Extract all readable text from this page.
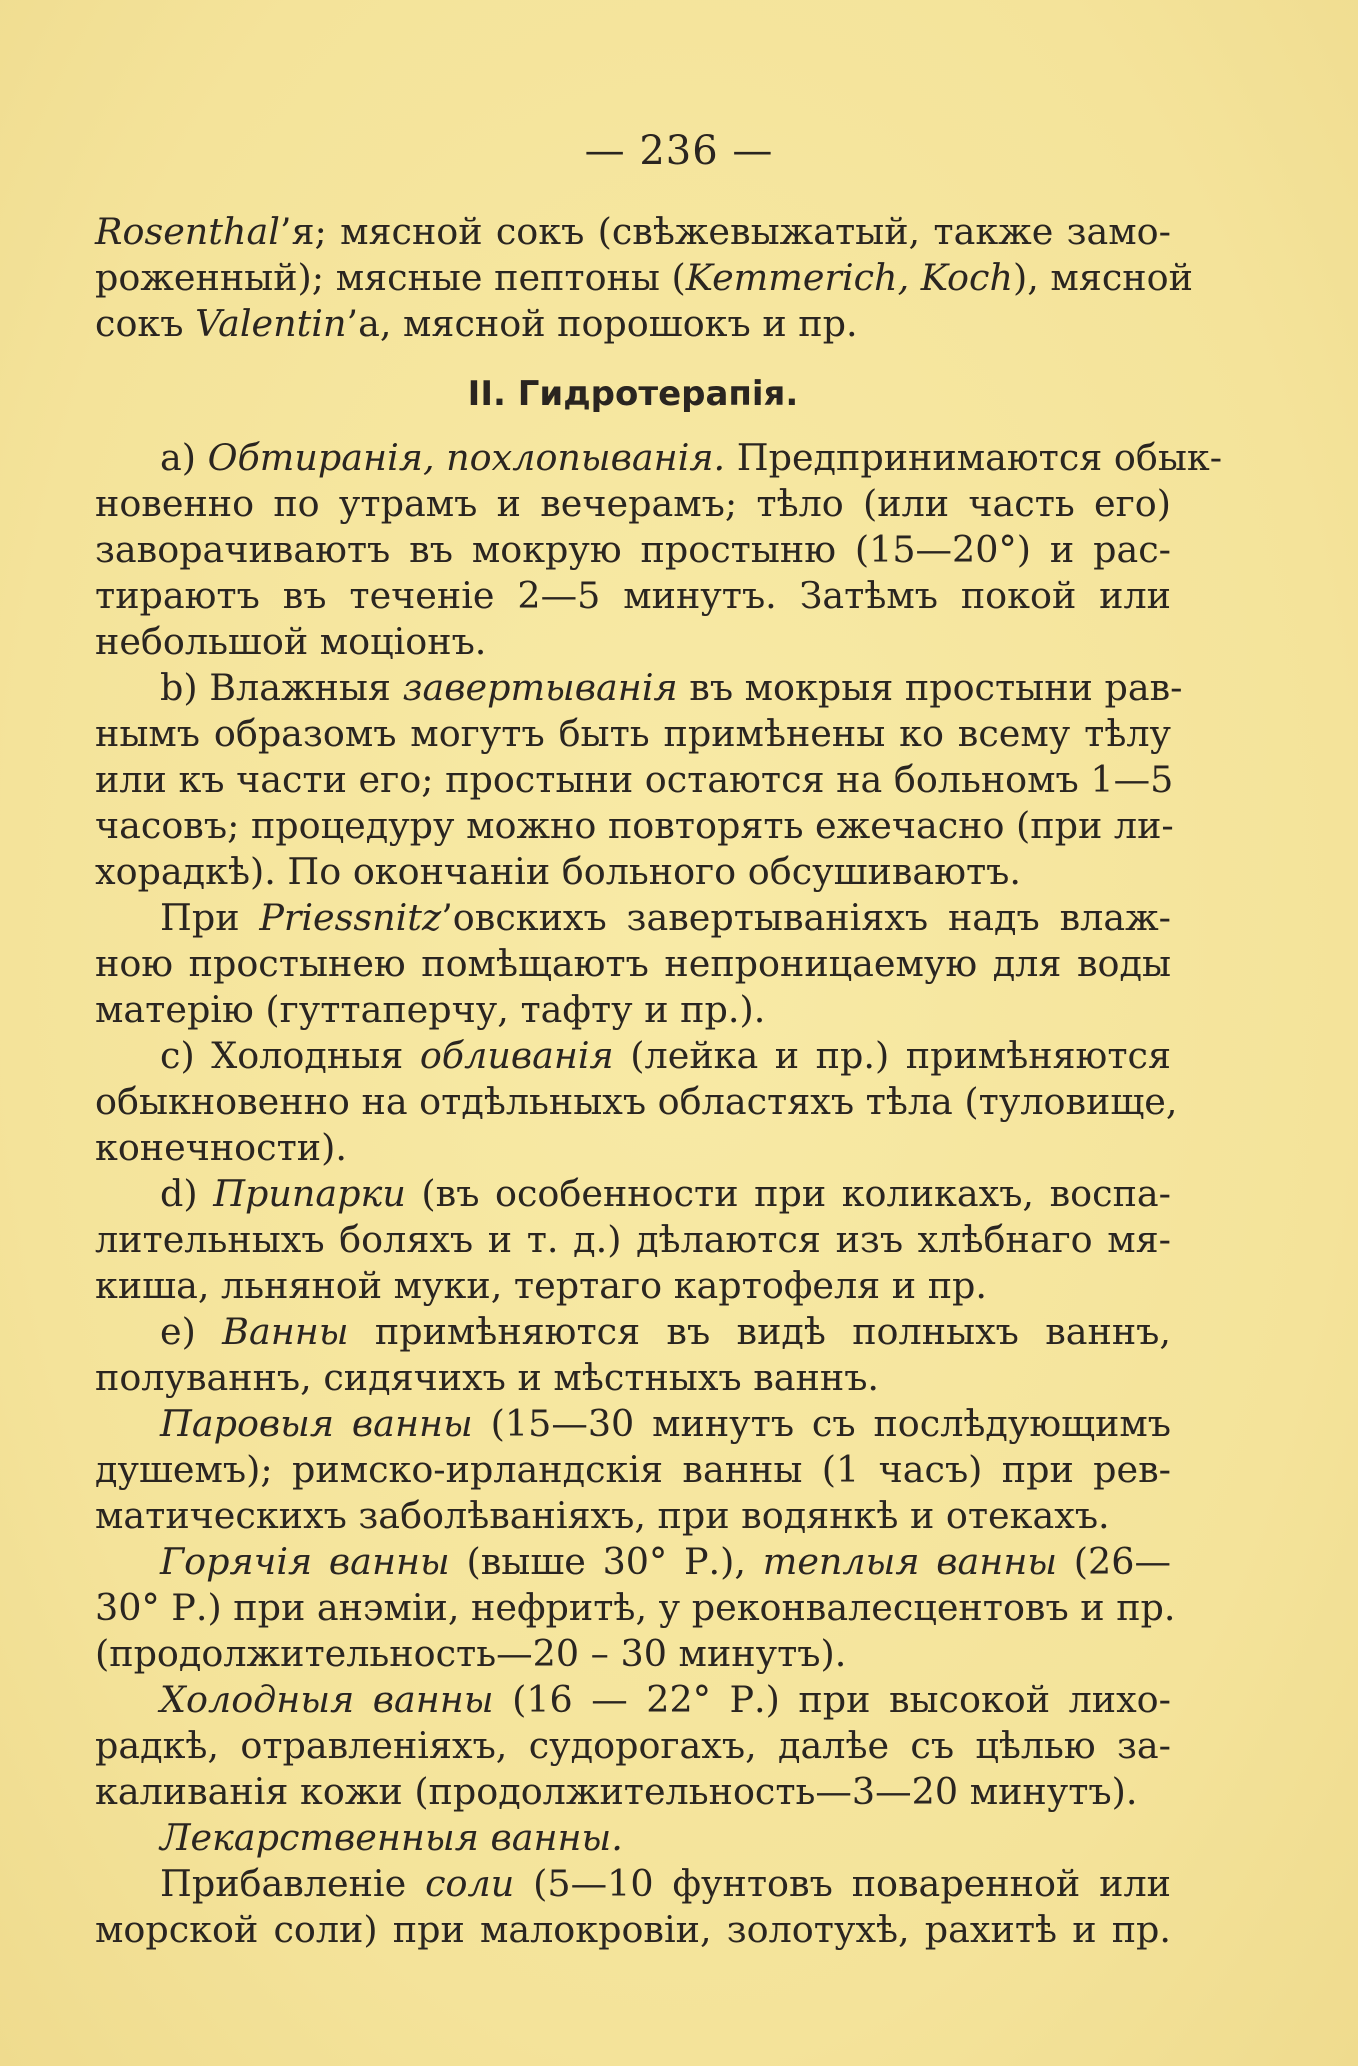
— 236 —
Rosenthal’я; мясной сокъ (свѣжевыжатый, также замо-
роженный); мясные пептоны (Kemmerich, Koch), мясной
сокъ Valentin’а, мясной порошокъ и пр.
II. Гидротерапія.
a) Обтиранія, похлопыванія. Предпринимаются обык-
новенно по утрамъ и вечерамъ; тѣло (или часть его)
заворачиваютъ въ мокрую простыню (15—20°) и рас-
тираютъ въ теченіе 2—5 минутъ. Затѣмъ покой или
небольшой моціонъ.
b) Влажныя завертыванія въ мокрыя простыни рав-
нымъ образомъ могутъ быть примѣнены ко всему тѣлу
или къ части его; простыни остаются на больномъ 1—5
часовъ; процедуру можно повторять ежечасно (при ли-
хорадкѣ). По окончаніи больного обсушиваютъ.
При Priessnitz’овскихъ завертываніяхъ надъ влаж-
ною простынею помѣщаютъ непроницаемую для воды
матерію (гуттаперчу, тафту и пр.).
c) Холодныя обливанія (лейка и пр.) примѣняются
обыкновенно на отдѣльныхъ областяхъ тѣла (туловище,
конечности).
d) Припарки (въ особенности при коликахъ, воспа-
лительныхъ боляхъ и т. д.) дѣлаются изъ хлѣбнаго мя-
киша, льняной муки, тертаго картофеля и пр.
e) Ванны примѣняются въ видѣ полныхъ ваннъ,
полуваннъ, сидячихъ и мѣстныхъ ваннъ.
Паровыя ванны (15—30 минутъ съ послѣдующимъ
душемъ); римско-ирландскія ванны (1 часъ) при рев-
матическихъ заболѣваніяхъ, при водянкѣ и отекахъ.
Горячія ванны (выше 30° Р.), теплыя ванны (26—
30° Р.) при анэміи, нефритѣ, у реконвалесцентовъ и пр.
(продолжительность—20 – 30 минутъ).
Холодныя ванны (16 — 22° Р.) при высокой лихо-
радкѣ, отравленіяхъ, судорогахъ, далѣе съ цѣлью за-
каливанія кожи (продолжительность—3—20 минутъ).
Лекарственныя ванны.
Прибавленіе соли (5—10 фунтовъ поваренной или
морской соли) при малокровіи, золотухѣ, рахитѣ и пр.
